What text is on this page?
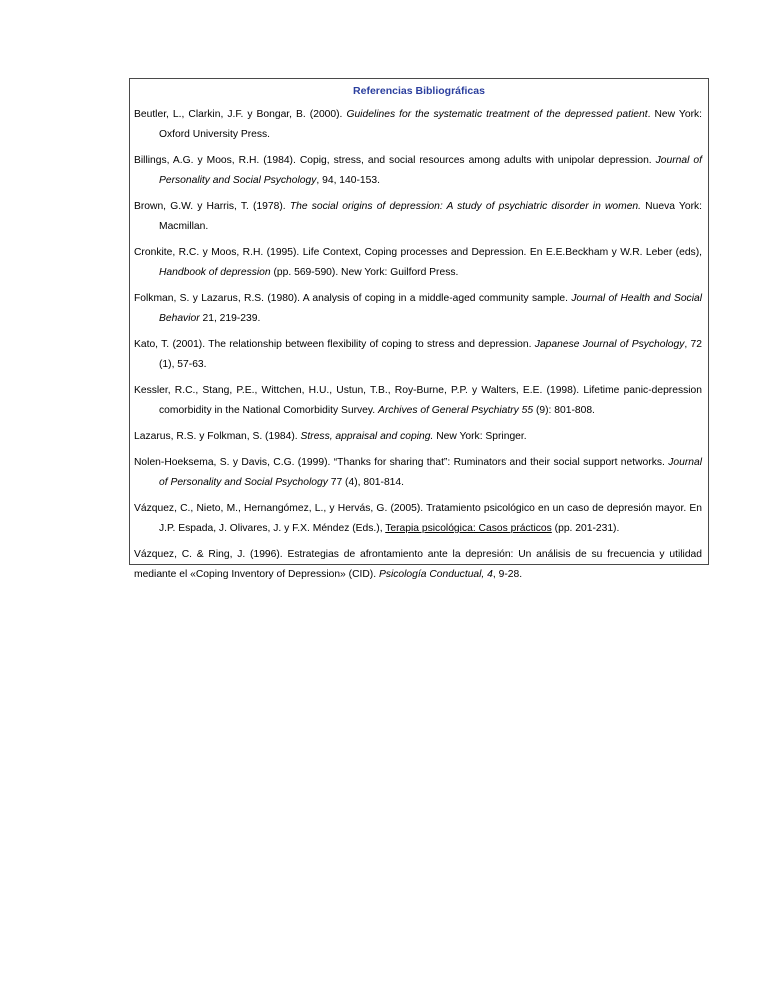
Referencias Bibliográficas

Beutler, L., Clarkin, J.F. y Bongar, B. (2000). Guidelines for the systematic treatment of the depressed patient. New York: Oxford University Press.

Billings, A.G. y Moos, R.H. (1984). Copig, stress, and social resources among adults with unipolar depression. Journal of Personality and Social Psychology, 94, 140-153.

Brown, G.W. y Harris, T. (1978). The social origins of depression: A study of psychiatric disorder in women. Nueva York: Macmillan.

Cronkite, R.C. y Moos, R.H. (1995). Life Context, Coping processes and Depression. En E.E.Beckham y W.R. Leber (eds), Handbook of depression (pp. 569-590). New York: Guilford Press.

Folkman, S. y Lazarus, R.S. (1980). A analysis of coping in a middle-aged community sample. Journal of Health and Social Behavior 21, 219-239.

Kato, T. (2001). The relationship between flexibility of coping to stress and depression. Japanese Journal of Psychology, 72 (1), 57-63.

Kessler, R.C., Stang, P.E., Wittchen, H.U., Ustun, T.B., Roy-Burne, P.P. y Walters, E.E. (1998). Lifetime panic-depression comorbidity in the National Comorbidity Survey. Archives of General Psychiatry 55 (9): 801-808.

Lazarus, R.S. y Folkman, S. (1984). Stress, appraisal and coping. New York: Springer.

Nolen-Hoeksema, S. y Davis, C.G. (1999). “Thanks for sharing that”: Ruminators and their social support networks. Journal of Personality and Social Psychology 77 (4), 801-814.

Vázquez, C., Nieto, M., Hernangómez, L., y Hervás, G. (2005). Tratamiento psicológico en un caso de depresión mayor. En J.P. Espada, J. Olivares, J. y F.X. Méndez (Eds.), Terapia psicológica: Casos prácticos (pp. 201-231).

Vázquez, C. & Ring, J. (1996). Estrategias de afrontamiento ante la depresión: Un análisis de su frecuencia y utilidad mediante el «Coping Inventory of Depression» (CID). Psicología Conductual, 4, 9-28.
